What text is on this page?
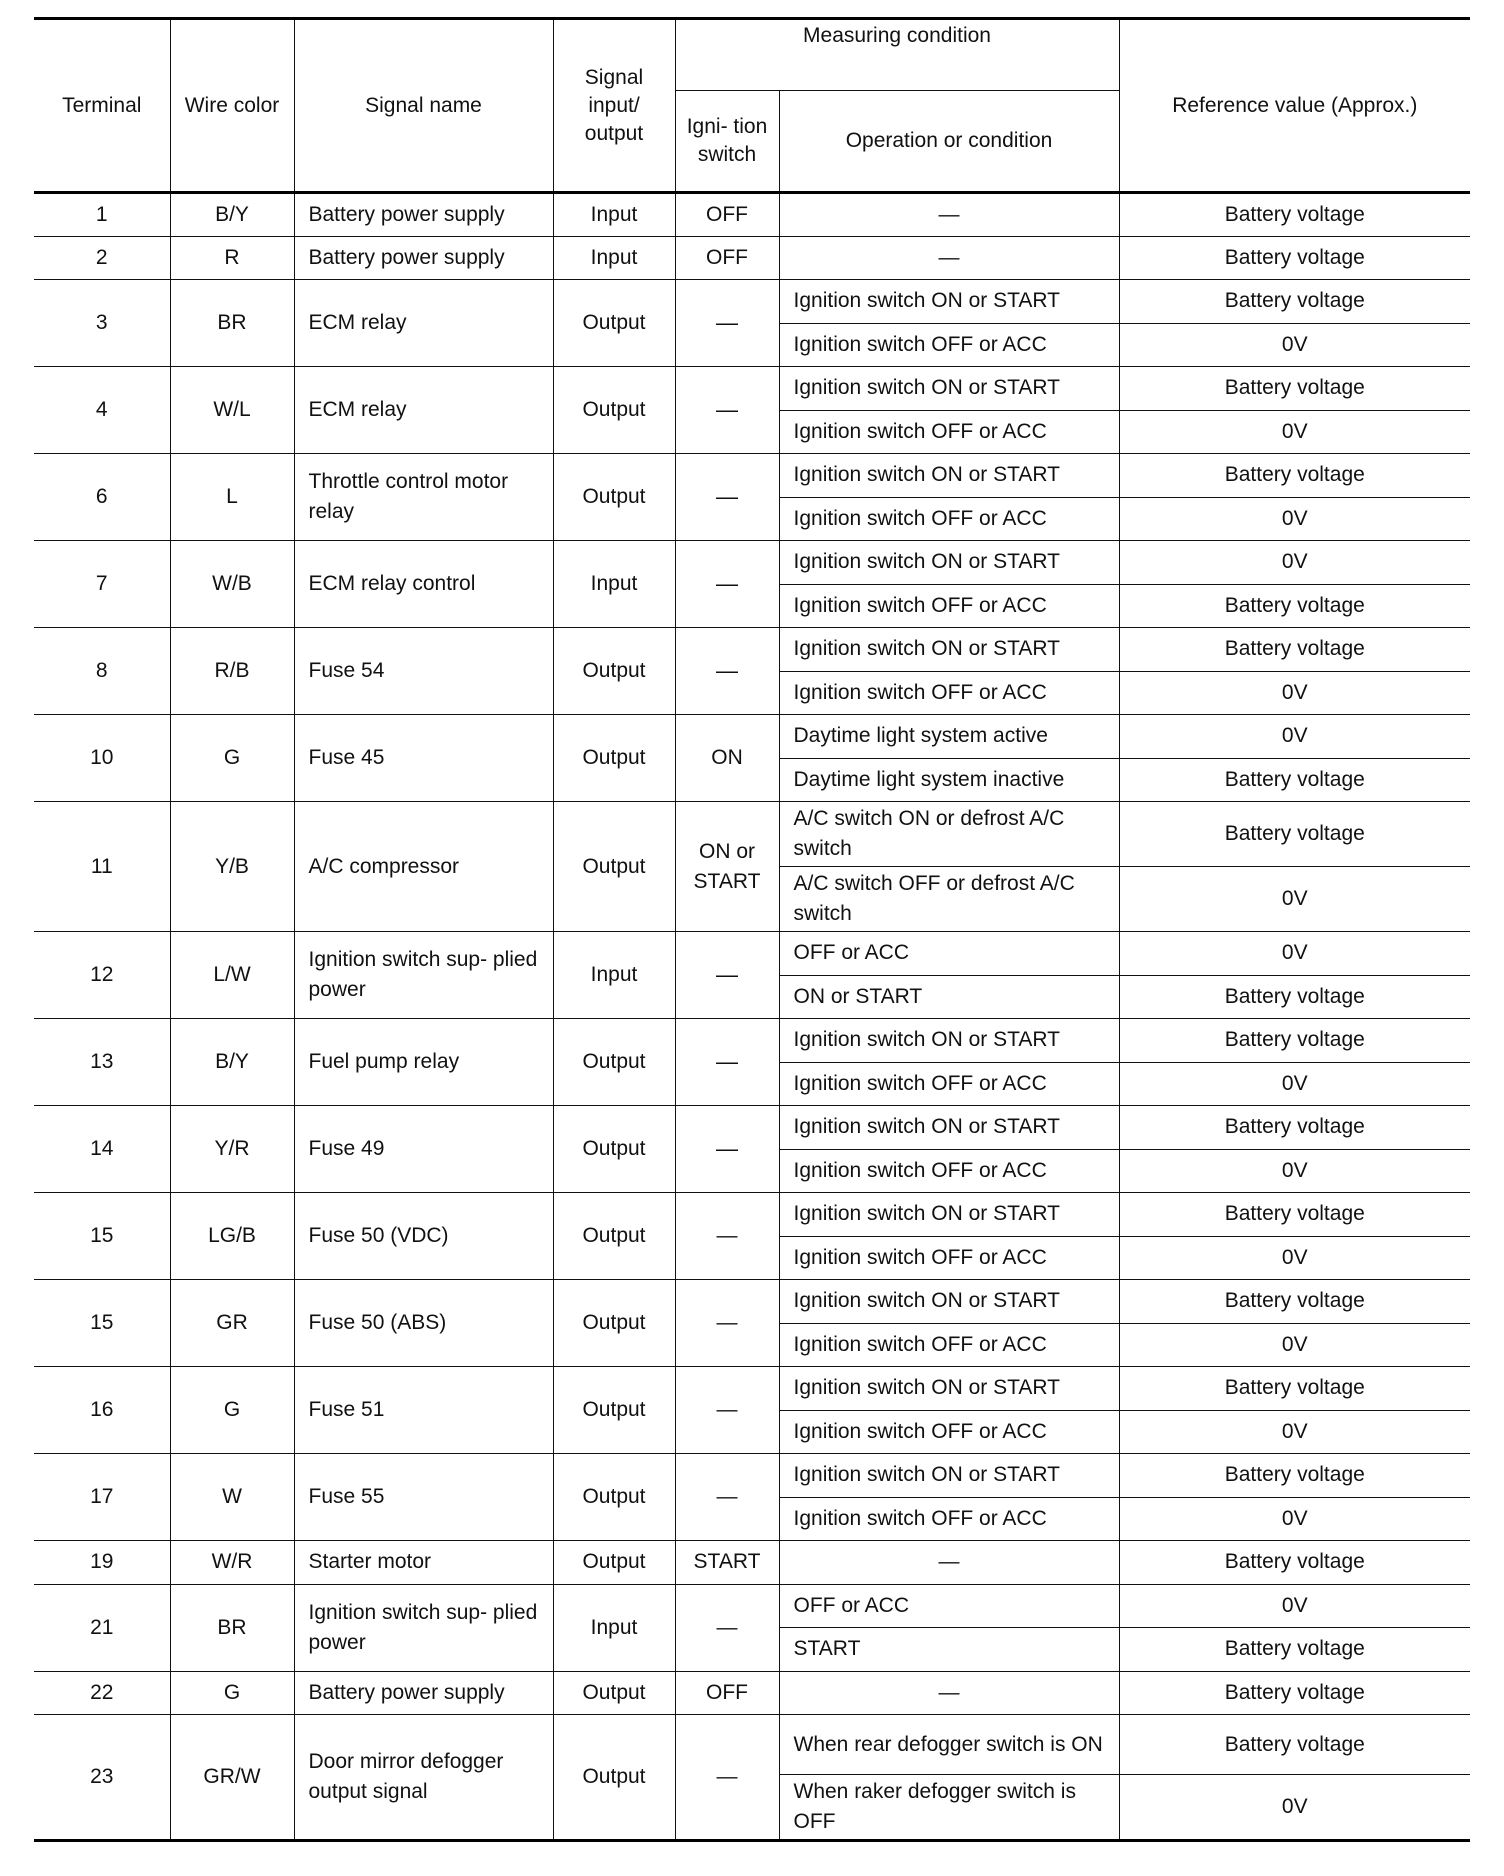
Terminal	Wire color	Signal name	Signal input/ output	Measuring condition		Reference value (Approx.)
				Igni- tion switch	Operation or condition	
1	B/Y	Battery power supply	Input	OFF	—	Battery voltage
2	R	Battery power supply	Input	OFF	—	Battery voltage
3	BR	ECM relay	Output	—	Ignition switch ON or START	Battery voltage
					Ignition switch OFF or ACC	0V
4	W/L	ECM relay	Output	—	Ignition switch ON or START	Battery voltage
					Ignition switch OFF or ACC	0V
6	L	Throttle control motor relay	Output	—	Ignition switch ON or START	Battery voltage
					Ignition switch OFF or ACC	0V
7	W/B	ECM relay control	Input	—	Ignition switch ON or START	0V
					Ignition switch OFF or ACC	Battery voltage
8	R/B	Fuse 54	Output	—	Ignition switch ON or START	Battery voltage
					Ignition switch OFF or ACC	0V
10	G	Fuse 45	Output	ON	Daytime light system active	0V
					Daytime light system inactive	Battery voltage
11	Y/B	A/C compressor	Output	ON or START	A/C switch ON or defrost A/C switch	Battery voltage
					A/C switch OFF or defrost A/C switch	0V
12	L/W	Ignition switch sup- plied power	Input	—	OFF or ACC	0V
					ON or START	Battery voltage
13	B/Y	Fuel pump relay	Output	—	Ignition switch ON or START	Battery voltage
					Ignition switch OFF or ACC	0V
14	Y/R	Fuse 49	Output	—	Ignition switch ON or START	Battery voltage
					Ignition switch OFF or ACC	0V
15	LG/B	Fuse 50 (VDC)	Output	—	Ignition switch ON or START	Battery voltage
					Ignition switch OFF or ACC	0V
15	GR	Fuse 50 (ABS)	Output	—	Ignition switch ON or START	Battery voltage
					Ignition switch OFF or ACC	0V
16	G	Fuse 51	Output	—	Ignition switch ON or START	Battery voltage
					Ignition switch OFF or ACC	0V
17	W	Fuse 55	Output	—	Ignition switch ON or START	Battery voltage
					Ignition switch OFF or ACC	0V
19	W/R	Starter motor	Output	START	—	Battery voltage
21	BR	Ignition switch sup- plied power	Input	—	OFF or ACC	0V
					START	Battery voltage
22	G	Battery power supply	Output	OFF	—	Battery voltage
23	GR/W	Door mirror defogger output signal	Output	—	When rear defogger switch is ON	Battery voltage
					When raker defogger switch is OFF	0V
